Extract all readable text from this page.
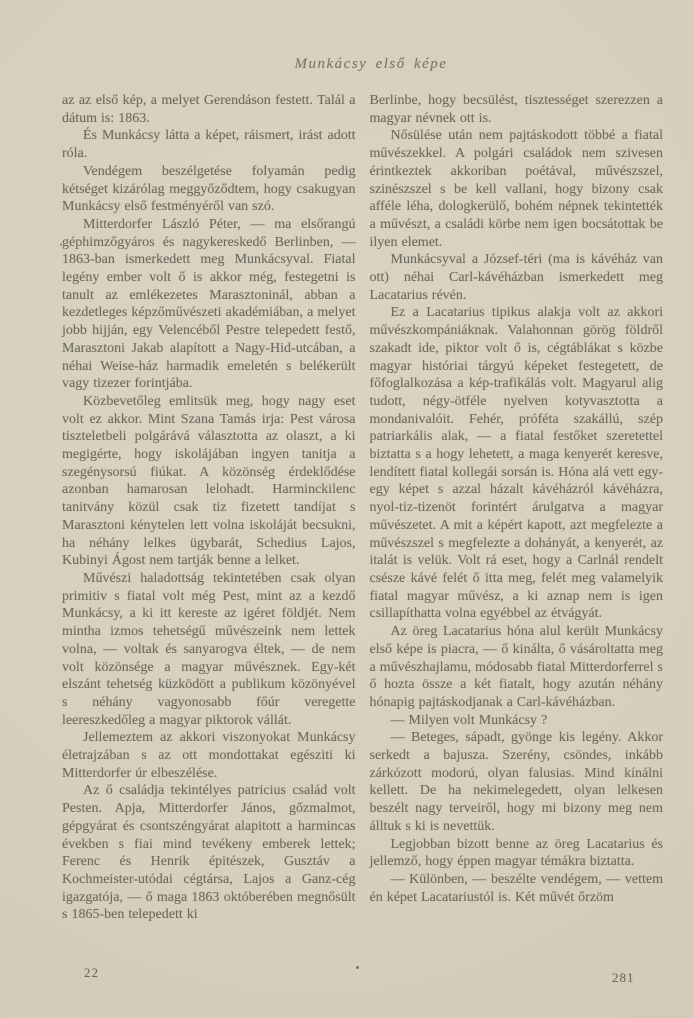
Munkácsy első képe

az az első kép, a melyet Gerendáson festett. Talál a dátum is: 1863.

És Munkácsy látta a képet, ráismert, irást adott róla.

Vendégem beszélgetése folyamán pedig kétséget kizárólag meggyőződtem, hogy csakugyan Munkácsy első festményéről van szó.

Mitterdorfer László Péter, — ma elsőrangú géphimzőgyáros és nagykereskedő Berlinben, — 1863-ban ismerkedett meg Munkácsyval. Fiatal legény ember volt ő is akkor még, festegetni is tanult az emlékezetes Marasztoninál, abban a kezdetleges képzőművészeti akadémiában, a melyet jobb hijján, egy Velencéből Pestre telepedett festő, Marasztoni Jakab alapított a Nagy-Hid-utcában, a néhai Weise-ház harmadik emeletén s belékerült vagy tizezer forintjába.

Közbevetőleg emlitsük meg, hogy nagy eset volt ez akkor. Mint Szana Tamás irja: Pest városa tiszteletbeli polgárává választotta az olaszt, a ki megigérte, hogy iskolájában ingyen tanitja a szegénysorsú fiúkat. A közönség érdeklődése azonban hamarosan lelohadt. Harminckilenc tanitvány közül csak tiz fizetett tandíjat s Marasztoni kénytelen lett volna iskoláját becsukni, ha néhány lelkes ügybarát, Schedius Lajos, Kubinyi Ágost nem tartják benne a lelket.

Művészi haladottság tekintetében csak olyan primitiv s fiatal volt még Pest, mint az a kezdő Munkácsy, a ki itt kereste az igéret földjét. Nem mintha izmos tehetségű művészeink nem lettek volna, — voltak és sanyarogva éltek, — de nem volt közönsége a magyar művésznek. Egy-két elszánt tehetség küzködött a publikum közönyével s néhány vagyonosabb főúr veregette leereszkedőleg a magyar piktorok vállát.

Jellemeztem az akkori viszonyokat Munkácsy életrajzában s az ott mondottakat egésziti ki Mitterdorfer úr elbeszélése.

Az ő családja tekintélyes patricius család volt Pesten. Apja, Mitterdorfer János, gőzmalmot, gépgyárat és csontszéngyárat alapitott a harmincas években s fiai mind tevékeny emberek lettek; Ferenc és Henrik épitészek, Gusztáv a Kochmeister-utódai cégtársa, Lajos a Ganz-cég igazgatója, — ő maga 1863 októberében megnősült s 1865-ben telepedett ki

Berlinbe, hogy becsülést, tisztességet szerezzen a magyar névnek ott is.

Nősülése után nem pajtáskodott többé a fiatal művészekkel. A polgári családok nem szivesen érintkeztek akkoriban poétával, művészszel, szinészszel s be kell vallani, hogy bizony csak afféle léha, dologkerülő, bohém népnek tekintették a művészt, a családi körbe nem igen bocsátottak be ilyen elemet.

Munkácsyval a József-téri (ma is kávéház van ott) néhai Carl-kávéházban ismerkedett meg Lacatarius révén.

Ez a Lacatarius tipikus alakja volt az akkori művészkompániáknak. Valahonnan görög földről szakadt ide, piktor volt ő is, cégtáblákat s közbe magyar históriai tárgyú képeket festegetett, de főfoglalkozása a kép-trafikálás volt. Magyarul alig tudott, négy-ötféle nyelven kotyvasztotta a mondanivalóit. Fehér, próféta szakállú, szép patriarkális alak, — a fiatal festőket szeretettel biztatta s a hogy lehetett, a maga kenyerét keresve, lendített fiatal kollegái sorsán is. Hóna alá vett egy-egy képet s azzal házalt kávéházról kávéházra, nyol-tiz-tizenöt forintért árulgatva a magyar művészetet. A mit a képért kapott, azt megfelezte a művészszel s megfelezte a dohányát, a kenyerét, az italát is velük. Volt rá eset, hogy a Carlnál rendelt csésze kávé felét ő itta meg, felét meg valamelyik fiatal magyar művész, a ki aznap nem is igen csillapíthatta volna egyébbel az étvágyát.

Az öreg Lacatarius hóna alul került Munkácsy első képe is piacra, — ő kinálta, ő vásároltatta meg a művészhajlamu, módosabb fiatal Mitterdorferrel s ő hozta össze a két fiatalt, hogy azután néhány hónapig pajtáskodjanak a Carl-kávéházban.

— Milyen volt Munkácsy ?

— Beteges, sápadt, gyönge kis legény. Akkor serkedt a bajusza. Szerény, csöndes, inkább zárkózott modorú, olyan falusias. Mind kínálni kellett. De ha nekimelegedett, olyan lelkesen beszélt nagy terveiről, hogy mi bizony meg nem álltuk s ki is nevettük.

Legjobban bizott benne az öreg Lacatarius és jellemző, hogy éppen magyar témákra biztatta.

— Különben, — beszélte vendégem, — vettem én képet Lacatariustól is. Két művét őrzöm

22	281
